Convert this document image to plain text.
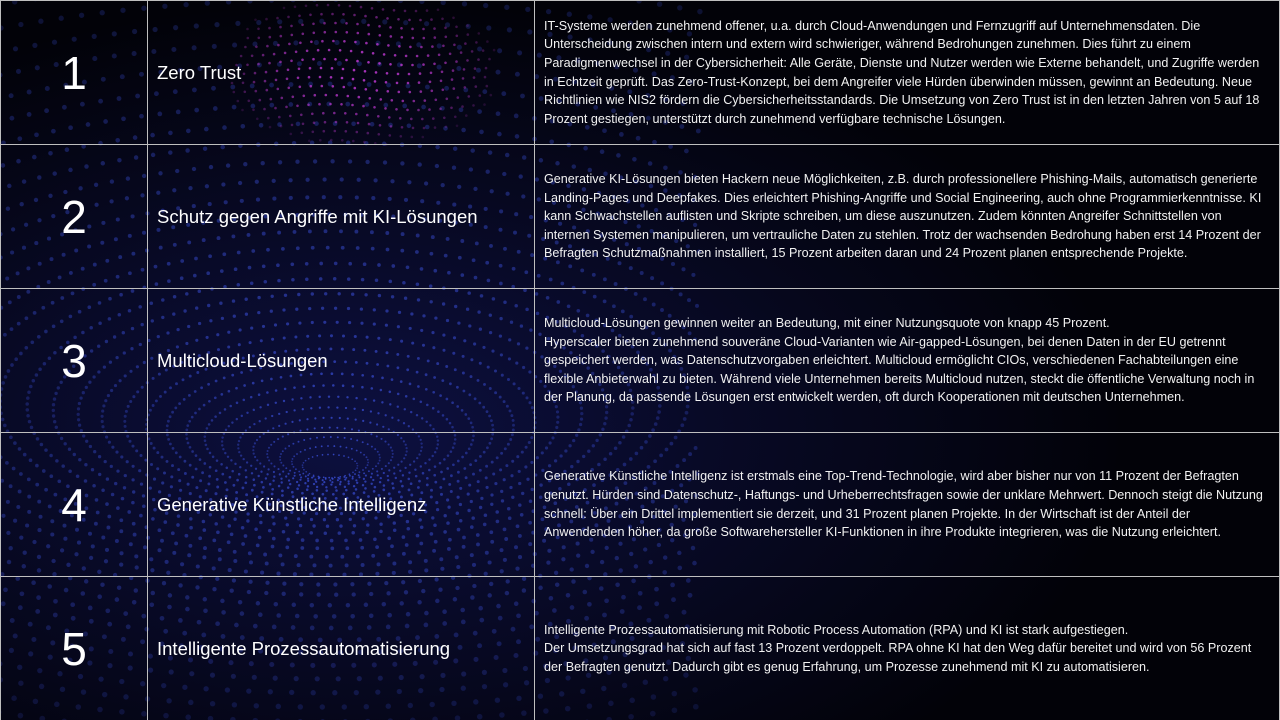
1	Zero Trust	IT-Systeme werden zunehmend offener, u.a. durch Cloud-Anwendungen und Fernzugriff auf Unternehmensdaten. Die Unterscheidung zwischen intern und extern wird schwieriger, während Bedrohungen zunehmen. Dies führt zu einem Paradigmenwechsel in der Cybersicherheit: Alle Geräte, Dienste und Nutzer werden wie Externe behandelt, und Zugriffe werden in Echtzeit geprüft. Das Zero-Trust-Konzept, bei dem Angreifer viele Hürden überwinden müssen, gewinnt an Bedeutung. Neue Richtlinien wie NIS2 fördern die Cybersicherheitsstandards. Die Umsetzung von Zero Trust ist in den letzten Jahren von 5 auf 18 Prozent gestiegen, unterstützt durch zunehmend verfügbare technische Lösungen.

2	Schutz gegen Angriffe mit KI-Lösungen	Generative KI-Lösungen bieten Hackern neue Möglichkeiten, z.B. durch professionellere Phishing-Mails, automatisch generierte Landing-Pages und Deepfakes. Dies erleichtert Phishing-Angriffe und Social Engineering, auch ohne Programmierkenntnisse. KI kann Schwachstellen auflisten und Skripte schreiben, um diese auszunutzen. Zudem könnten Angreifer Schnittstellen von internen Systemen manipulieren, um vertrauliche Daten zu stehlen. Trotz der wachsenden Bedrohung haben erst 14 Prozent der Befragten Schutzmaßnahmen installiert, 15 Prozent arbeiten daran und 24 Prozent planen entsprechende Projekte.

3	Multicloud-Lösungen	Multicloud-Lösungen gewinnen weiter an Bedeutung, mit einer Nutzungsquote von knapp 45 Prozent.
Hyperscaler bieten zunehmend souveräne Cloud-Varianten wie Air-gapped-Lösungen, bei denen Daten in der EU getrennt gespeichert werden, was Datenschutzvorgaben erleichtert. Multicloud ermöglicht CIOs, verschiedenen Fachabteilungen eine flexible Anbieterwahl zu bieten. Während viele Unternehmen bereits Multicloud nutzen, steckt die öffentliche Verwaltung noch in der Planung, da passende Lösungen erst entwickelt werden, oft durch Kooperationen mit deutschen Unternehmen.

4	Generative Künstliche Intelligenz	Generative Künstliche Intelligenz ist erstmals eine Top-Trend-Technologie, wird aber bisher nur von 11 Prozent der Befragten genutzt. Hürden sind Datenschutz-, Haftungs- und Urheberrechtsfragen sowie der unklare Mehrwert. Dennoch steigt die Nutzung schnell: Über ein Drittel implementiert sie derzeit, und 31 Prozent planen Projekte. In der Wirtschaft ist der Anteil der Anwendenden höher, da große Softwarehersteller KI-Funktionen in ihre Produkte integrieren, was die Nutzung erleichtert.

5	Intelligente Prozessautomatisierung	Intelligente Prozessautomatisierung mit Robotic Process Automation (RPA) und KI ist stark aufgestiegen.
Der Umsetzungsgrad hat sich auf fast 13 Prozent verdoppelt. RPA ohne KI hat den Weg dafür bereitet und wird von 56 Prozent der Befragten genutzt. Dadurch gibt es genug Erfahrung, um Prozesse zunehmend mit KI zu automatisieren.
